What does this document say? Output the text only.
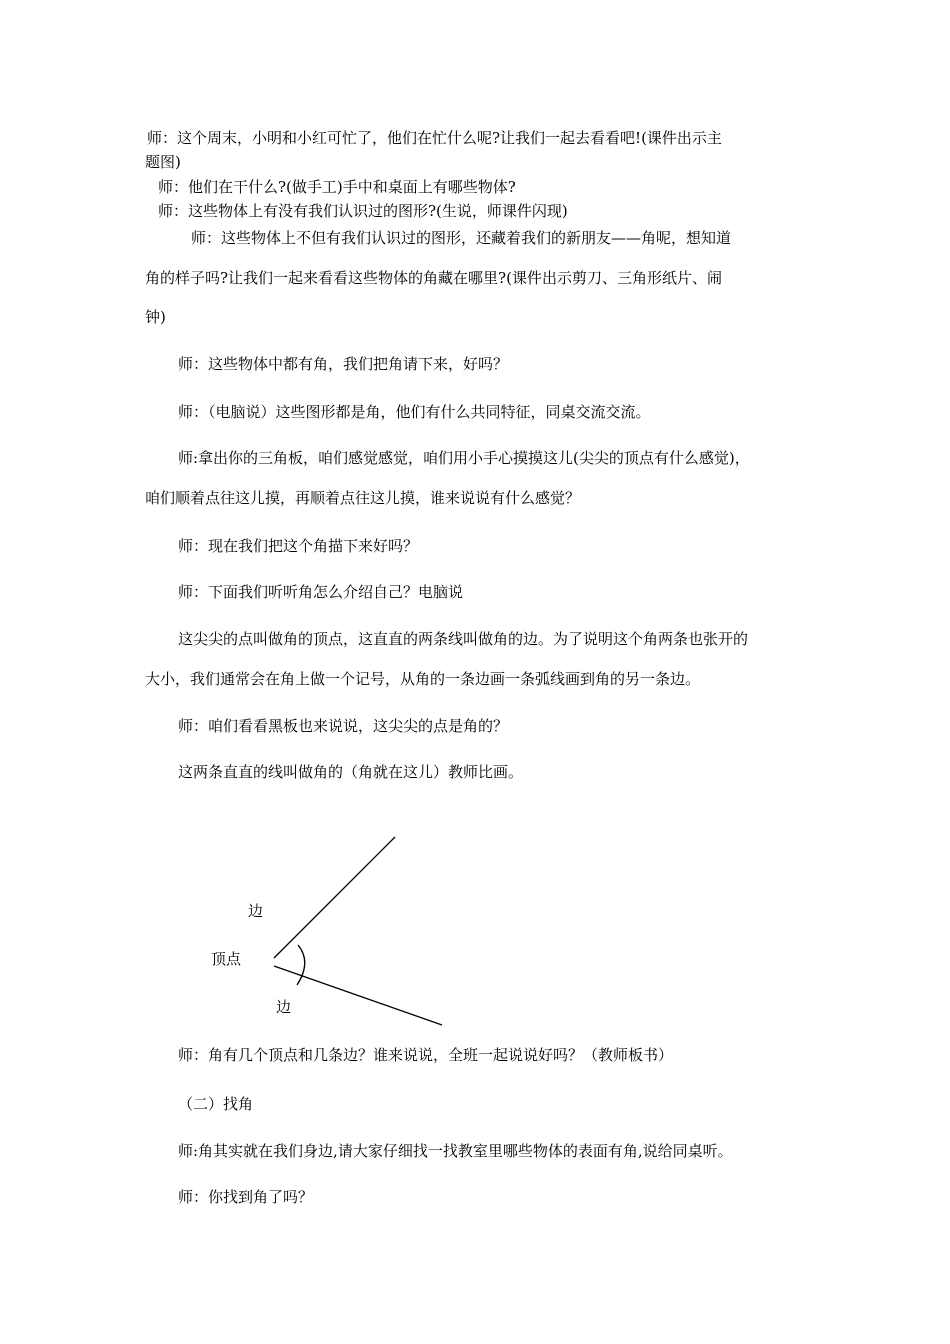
师：这个周末，小明和小红可忙了，他们在忙什么呢?让我们一起去看看吧!(课件出示主
题图)
师：他们在干什么?(做手工)手中和桌面上有哪些物体?
师：这些物体上有没有我们认识过的图形?(生说，师课件闪现)
师：这些物体上不但有我们认识过的图形，还藏着我们的新朋友——角呢，想知道
角的样子吗?让我们一起来看看这些物体的角藏在哪里?(课件出示剪刀、三角形纸片、闹
钟)
师：这些物体中都有角，我们把角请下来，好吗？
师：（电脑说）这些图形都是角，他们有什么共同特征，同桌交流交流。
师:拿出你的三角板，咱们感觉感觉，咱们用小手心摸摸这儿(尖尖的顶点有什么感觉)，
咱们顺着点往这儿摸，再顺着点往这儿摸，谁来说说有什么感觉？
师：现在我们把这个角描下来好吗？
师：下面我们听听角怎么介绍自己？电脑说
这尖尖的点叫做角的顶点，这直直的两条线叫做角的边。为了说明这个角两条也张开的
大小，我们通常会在角上做一个记号，从角的一条边画一条弧线画到角的另一条边。
师：咱们看看黑板也来说说，这尖尖的点是角的？
这两条直直的线叫做角的（角就在这儿）教师比画。
边
顶点
边
师：角有几个顶点和几条边？谁来说说，全班一起说说好吗？（教师板书）
（二）找角
师:角其实就在我们身边,请大家仔细找一找教室里哪些物体的表面有角,说给同桌听。
师：你找到角了吗？
